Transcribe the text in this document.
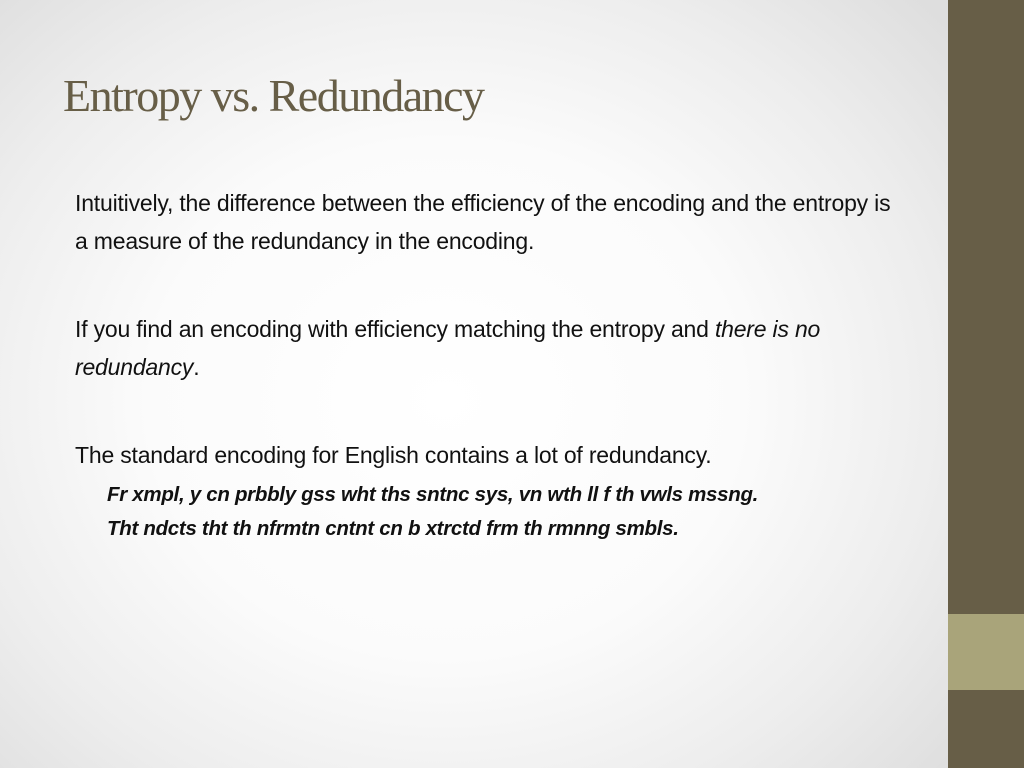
Entropy vs. Redundancy

Intuitively, the difference between the efficiency of the encoding and the entropy is a measure of the redundancy in the encoding.

If you find an encoding with efficiency matching the entropy and there is no redundancy.

The standard encoding for English contains a lot of redundancy.

Fr xmpl, y cn prbbly gss wht ths sntnc sys, vn wth ll f th vwls mssng.
Tht ndcts tht th nfrmtn cntnt cn b xtrctd frm th rmnng smbls.
